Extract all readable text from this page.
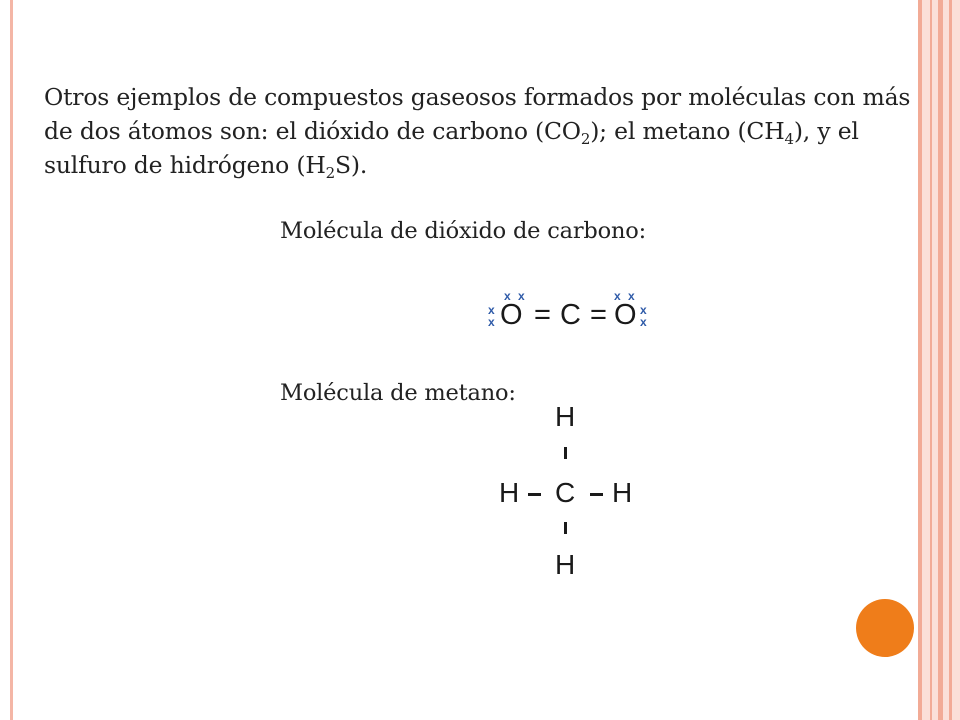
Otros ejemplos de compuestos gaseosos formados por moléculas con más
de dos átomos son: el dióxido de carbono $(CO_2)$; el metano $(CH_4)$, y el
sulfuro de hidrógeno $(H_2S)$.
Molécula de dióxido de carbono:
x
x
x x
O = C = O
x x
x
x
Molécula de metano:
H
H C H
H
